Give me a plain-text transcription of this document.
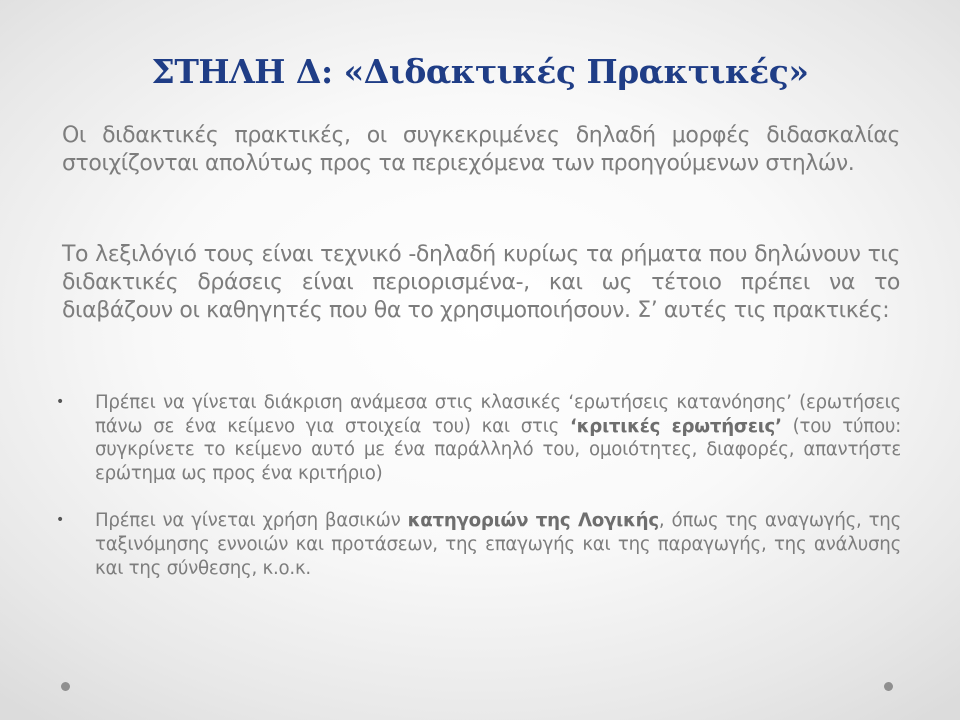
ΣΤΗΛΗ Δ: «Διδακτικές Πρακτικές»

Οι διδακτικές πρακτικές, οι συγκεκριμένες δηλαδή μορφές διδασκαλίας στοιχίζονται απολύτως προς τα περιεχόμενα των προηγούμενων στηλών.

Το λεξιλόγιό τους είναι τεχνικό -δηλαδή κυρίως τα ρήματα που δηλώνουν τις διδακτικές δράσεις είναι περιορισμένα-, και ως τέτοιο πρέπει να το διαβάζουν οι καθηγητές που θα το χρησιμοποιήσουν. Σ’ αυτές τις πρακτικές:

• Πρέπει να γίνεται διάκριση ανάμεσα στις κλασικές ‘ερωτήσεις κατανόησης’ (ερωτήσεις πάνω σε ένα κείμενο για στοιχεία του) και στις ‘κριτικές ερωτήσεις’ (του τύπου: συγκρίνετε το κείμενο αυτό με ένα παράλληλό του, ομοιότητες, διαφορές, απαντήστε ερώτημα ως προς ένα κριτήριο)
• Πρέπει να γίνεται χρήση βασικών κατηγοριών της Λογικής, όπως της αναγωγής, της ταξινόμησης εννοιών και προτάσεων, της επαγωγής και της παραγωγής, της ανάλυσης και της σύνθεσης, κ.ο.κ.
